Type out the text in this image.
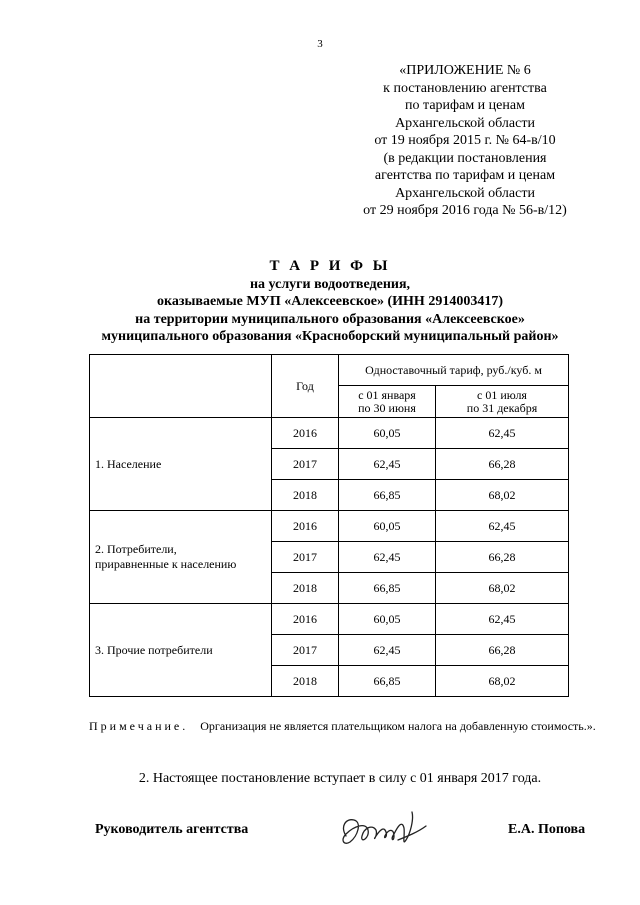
3
«ПРИЛОЖЕНИЕ № 6
к постановлению агентства
по тарифам и ценам
Архангельской области
от 19 ноября 2015 г. № 64-в/10
(в редакции постановления
агентства по тарифам и ценам
Архангельской области
от 29 ноября 2016 года № 56-в/12)
Т А Р И Ф Ы
на услуги водоотведения,
оказываемые МУП «Алексеевское» (ИНН 2914003417)
на территории муниципального образования «Алексеевское»
муниципального образования «Красноборский муниципальный район»
	Год	Одноставочный тариф, руб./куб. м	
		с 01 января
по 30 июня	с 01 июля
по 31 декабря
1. Население	2016	60,05	62,45
	2017	62,45	66,28
	2018	66,85	68,02
2. Потребители,
приравненные к населению	2016	60,05	62,45
	2017	62,45	66,28
	2018	66,85	68,02
3. Прочие потребители	2016	60,05	62,45
	2017	62,45	66,28
	2018	66,85	68,02
Примечание. Организация не является плательщиком налога на добавленную стоимость.».
2. Настоящее постановление вступает в силу с 01 января 2017 года.
Руководитель агентства	Е.А. Попова
